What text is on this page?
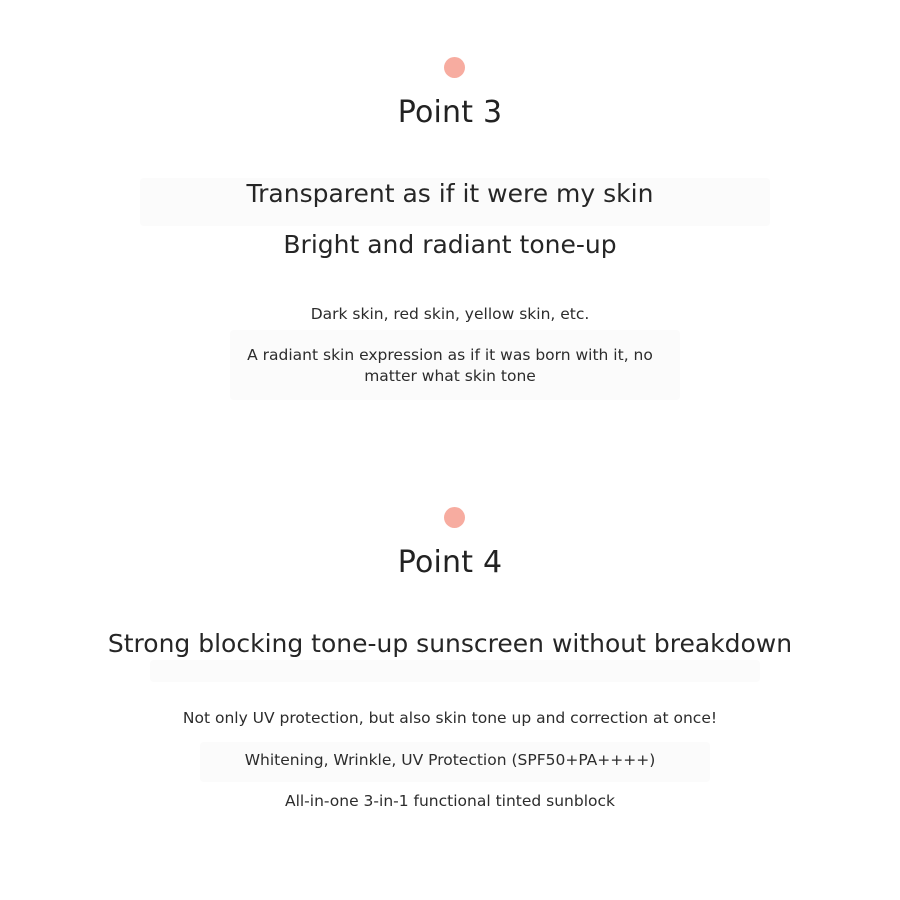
Point 3
Transparent as if it were my skin
Bright and radiant tone-up
Dark skin, red skin, yellow skin, etc.
A radiant skin expression as if it was born with it, no
matter what skin tone
Point 4
Strong blocking tone-up sunscreen without breakdown
Not only UV protection, but also skin tone up and correction at once!
Whitening, Wrinkle, UV Protection (SPF50+PA++++)
All-in-one 3-in-1 functional tinted sunblock
